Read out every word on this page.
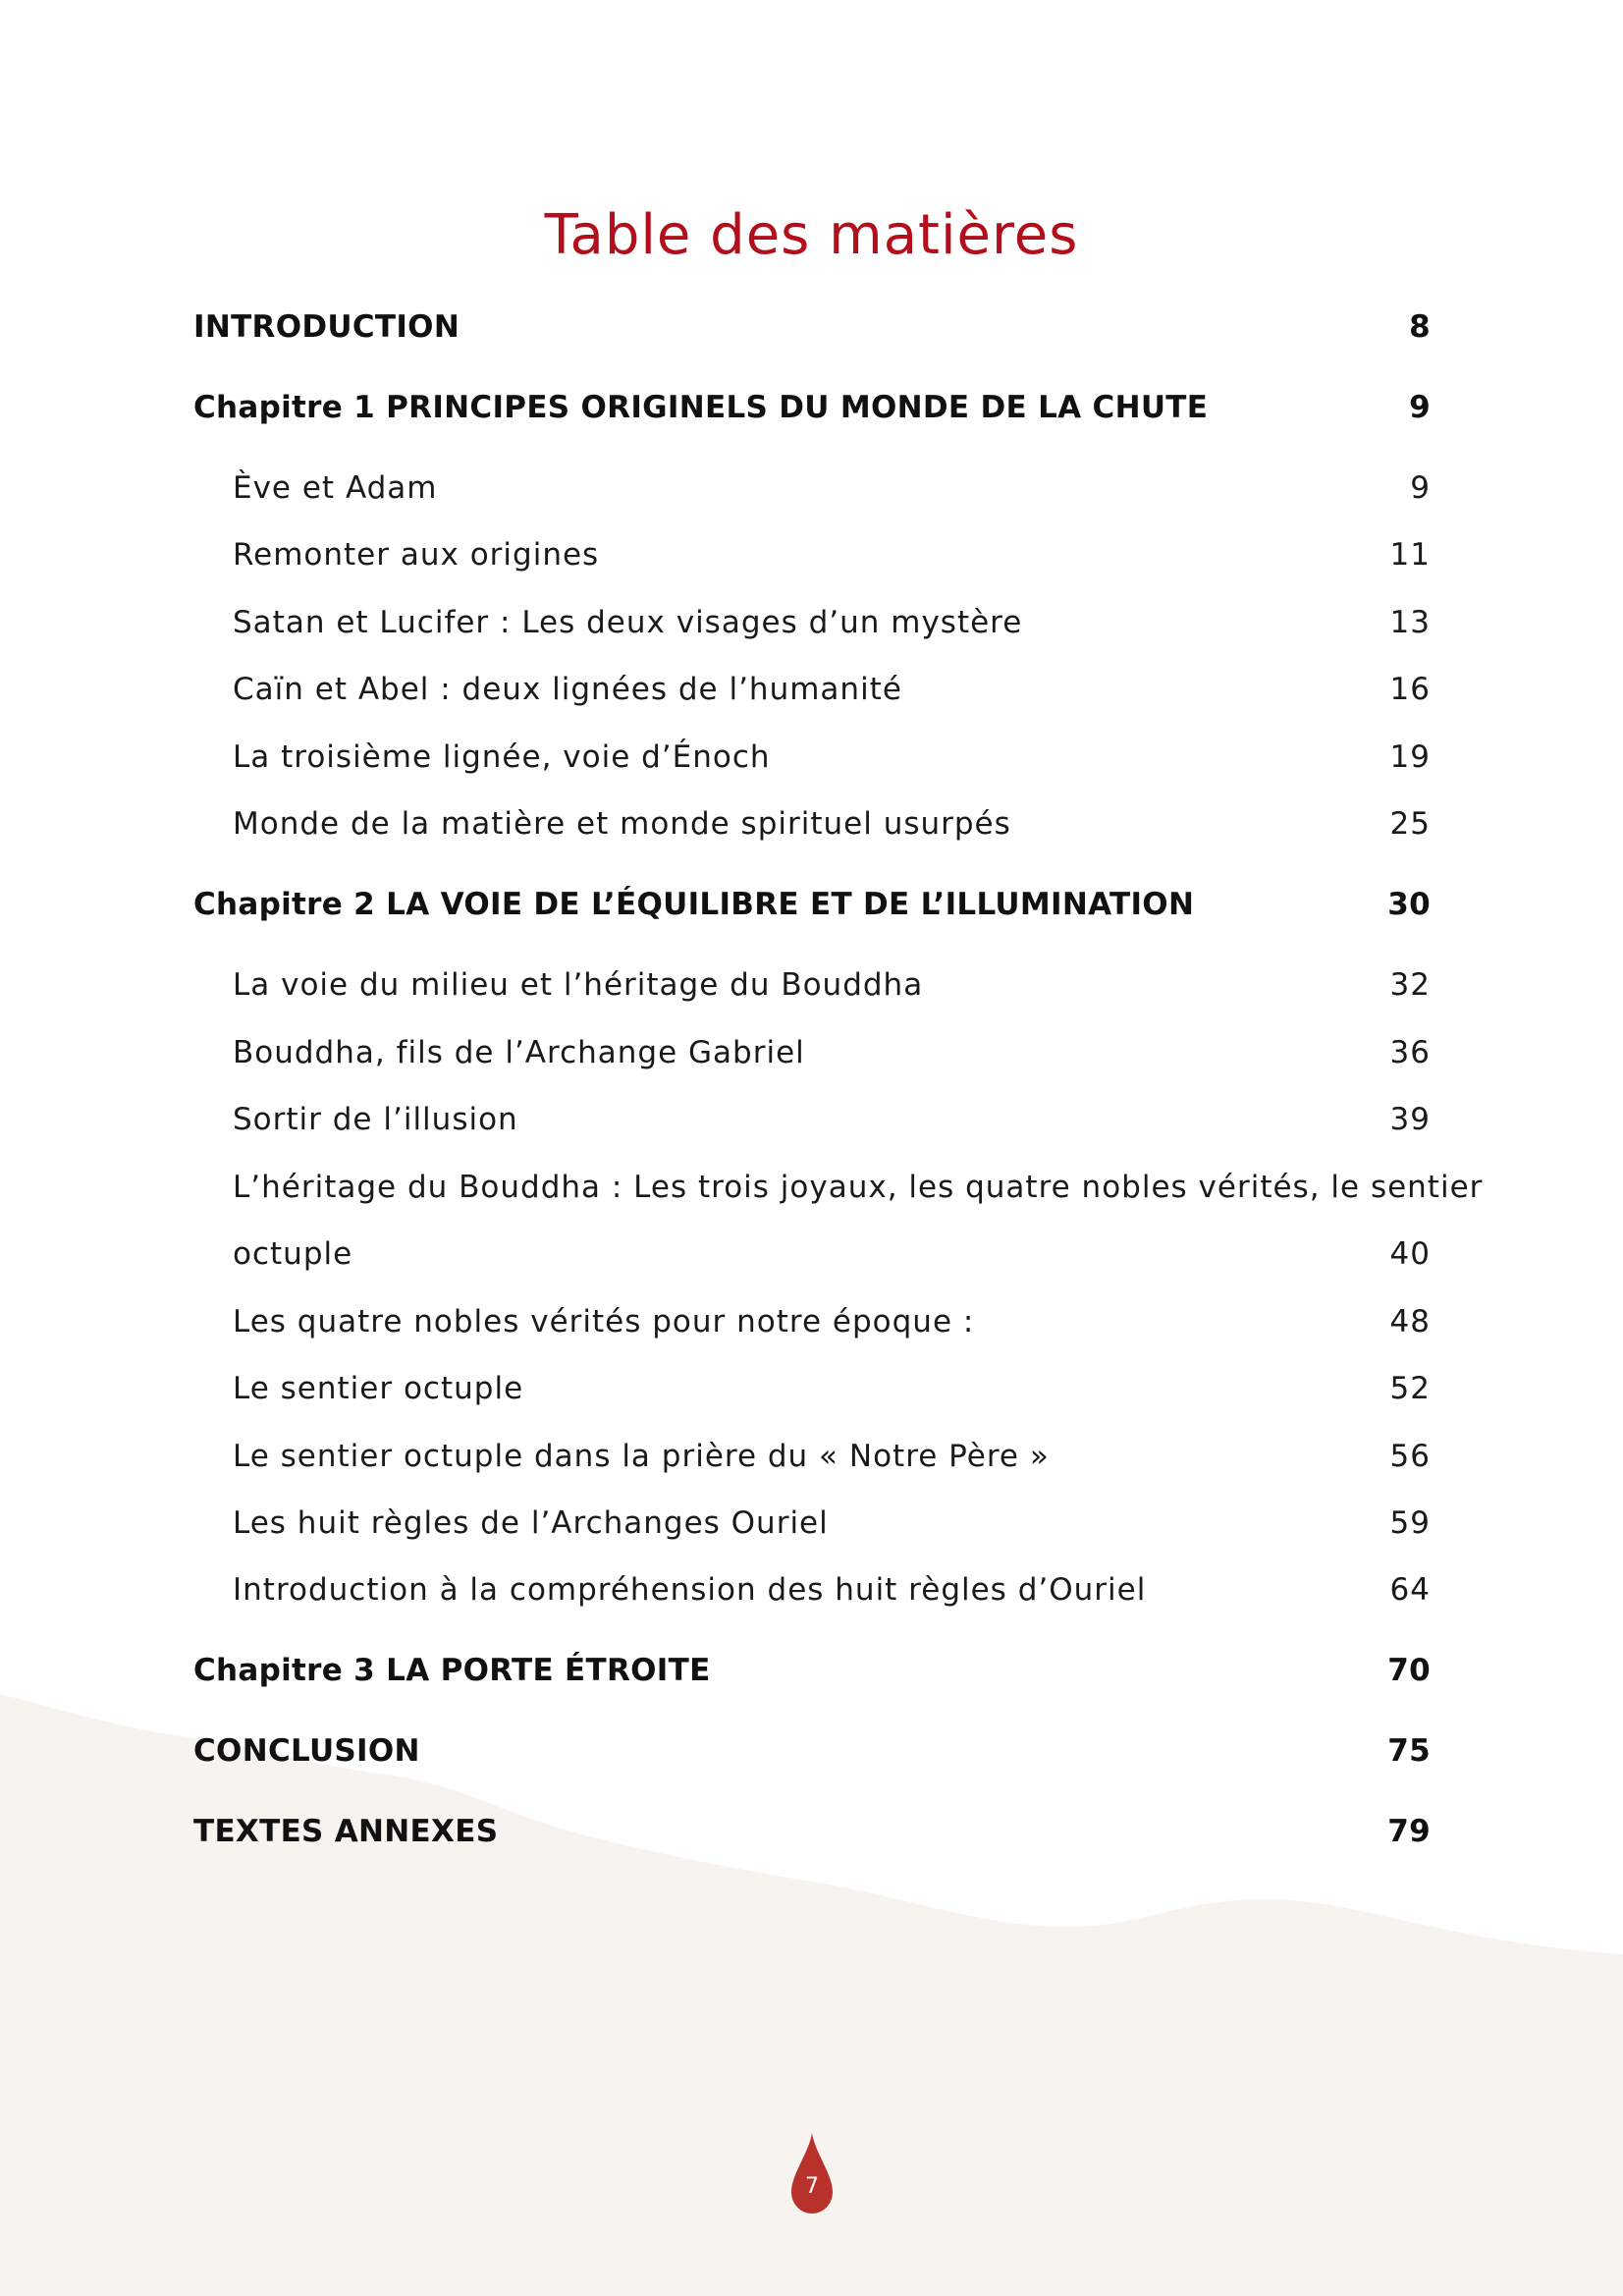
Table des matières
INTRODUCTION	8
Chapitre 1 PRINCIPES ORIGINELS DU MONDE DE LA CHUTE	9
Ève et Adam	9
Remonter aux origines	11
Satan et Lucifer : Les deux visages d’un mystère	13
Caïn et Abel : deux lignées de l’humanité	16
La troisième lignée, voie d’Énoch	19
Monde de la matière et monde spirituel usurpés	25
Chapitre 2 LA VOIE DE L’ÉQUILIBRE ET DE L’ILLUMINATION	30
La voie du milieu et l’héritage du Bouddha	32
Bouddha, fils de l’Archange Gabriel	36
Sortir de l’illusion	39
L’héritage du Bouddha : Les trois joyaux, les quatre nobles vérités, le sentier
octuple	40
Les quatre nobles vérités pour notre époque :	48
Le sentier octuple	52
Le sentier octuple dans la prière du « Notre Père »	56
Les huit règles de l’Archanges Ouriel	59
Introduction à la compréhension des huit règles d’Ouriel	64
Chapitre 3 LA PORTE ÉTROITE	70
CONCLUSION	75
TEXTES ANNEXES	79
7
